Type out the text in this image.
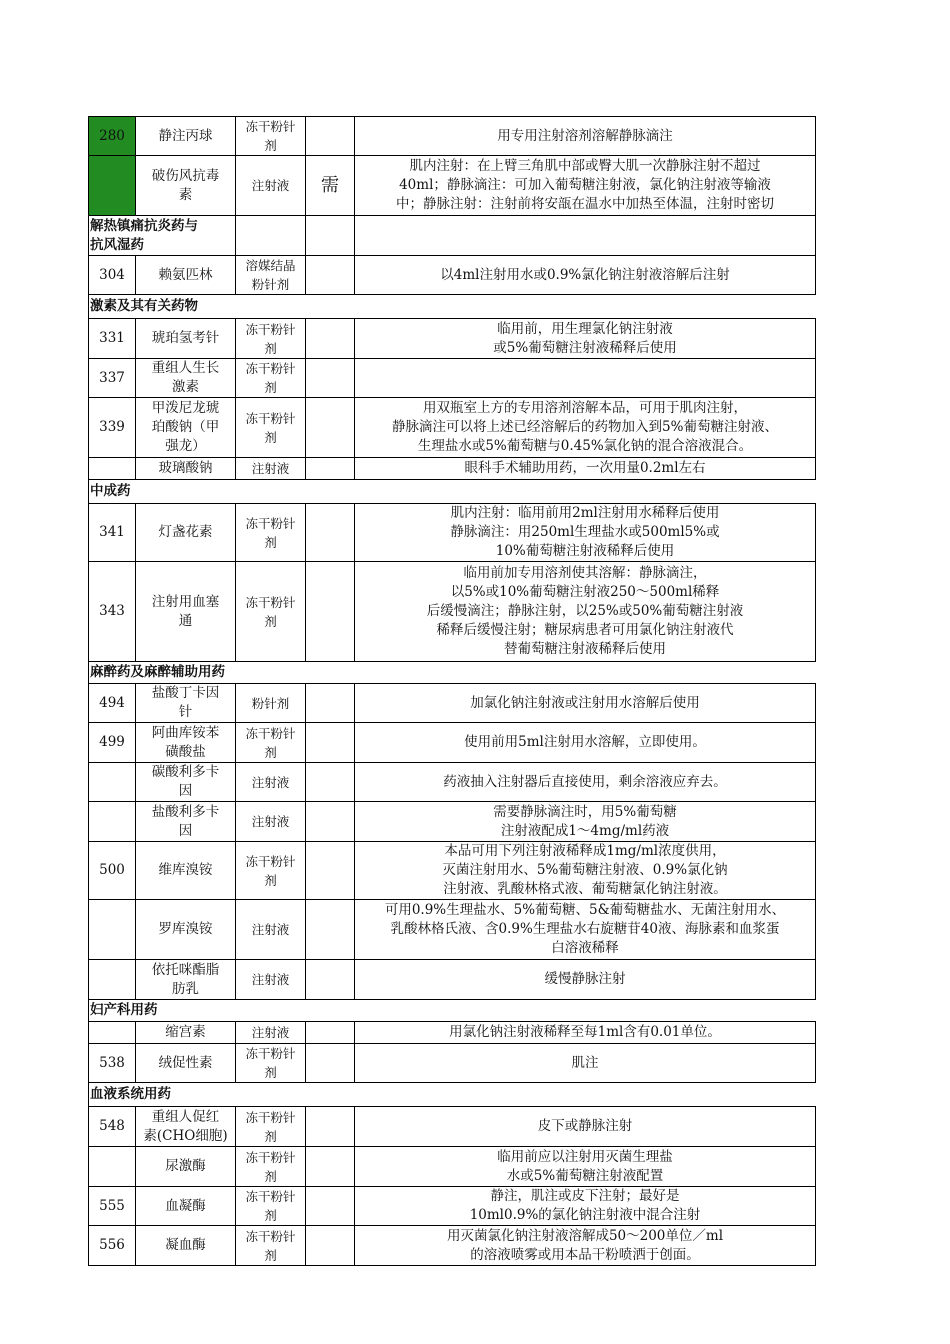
280	静注丙球	冻干粉针
剂		用专用注射溶剂溶解静脉滴注
	破伤风抗毒
素	注射液	需	肌内注射：在上臂三角肌中部或臀大肌一次静脉注射不超过
40ml；静脉滴注：可加入葡萄糖注射液，氯化钠注射液等输液
中；静脉注射：注射前将安瓿在温水中加热至体温，注射时密切
解热镇痛抗炎药与
抗风湿药				
304	赖氨匹林	溶媒结晶
粉针剂		以4ml注射用水或0.9%氯化钠注射液溶解后注射
激素及其有关药物				
331	琥珀氢考针	冻干粉针
剂		临用前，用生理氯化钠注射液
或5%葡萄糖注射液稀释后使用
337	重组人生长
激素	冻干粉针
剂		
339	甲泼尼龙琥
珀酸钠（甲
强龙）	冻干粉针
剂		用双瓶室上方的专用溶剂溶解本品，可用于肌肉注射，
静脉滴注可以将上述已经溶解后的药物加入到5%葡萄糖注射液、
生理盐水或5%葡萄糖与0.45%氯化钠的混合溶液混合。
	玻璃酸钠	注射液		眼科手术辅助用药，一次用量0.2ml左右
中成药				
341	灯盏花素	冻干粉针
剂		肌内注射：临用前用2ml注射用水稀释后使用
静脉滴注：用250ml生理盐水或500ml5%或
10%葡萄糖注射液稀释后使用
343	注射用血塞
通	冻干粉针
剂		临用前加专用溶剂使其溶解：静脉滴注，
以5%或10%葡萄糖注射液250～500ml稀释
后缓慢滴注；静脉注射，以25%或50%葡萄糖注射液
稀释后缓慢注射；糖尿病患者可用氯化钠注射液代
替葡萄糖注射液稀释后使用
麻醉药及麻醉辅助用药				
494	盐酸丁卡因
针	粉针剂		加氯化钠注射液或注射用水溶解后使用
499	阿曲库铵苯
磺酸盐	冻干粉针
剂		使用前用5ml注射用水溶解，立即使用。
	碳酸利多卡
因	注射液		药液抽入注射器后直接使用，剩余溶液应弃去。
	盐酸利多卡
因	注射液		需要静脉滴注时，用5%葡萄糖
注射液配成1～4mg/ml药液
500	维库溴铵	冻干粉针
剂		本品可用下列注射液稀释成1mg/ml浓度供用，
灭菌注射用水、5%葡萄糖注射液、0.9%氯化钠
注射液、乳酸林格式液、葡萄糖氯化钠注射液。
	罗库溴铵	注射液		可用0.9%生理盐水、5%葡萄糖、5&葡萄糖盐水、无菌注射用水、
乳酸林格氏液、含0.9%生理盐水右旋糖苷40液、海脉素和血浆蛋
白溶液稀释
	依托咪酯脂
肪乳	注射液		缓慢静脉注射
妇产科用药				
	缩宫素	注射液		用氯化钠注射液稀释至每1ml含有0.01单位。
538	绒促性素	冻干粉针
剂		肌注
血液系统用药				
548	重组人促红
素(CHO细胞)	冻干粉针
剂		皮下或静脉注射
	尿激酶	冻干粉针
剂		临用前应以注射用灭菌生理盐
水或5%葡萄糖注射液配置
555	血凝酶	冻干粉针
剂		静注，肌注或皮下注射；最好是
10ml0.9%的氯化钠注射液中混合注射
556	凝血酶	冻干粉针
剂		用灭菌氯化钠注射液溶解成50～200单位／ml
的溶液喷雾或用本品干粉喷洒于创面。
